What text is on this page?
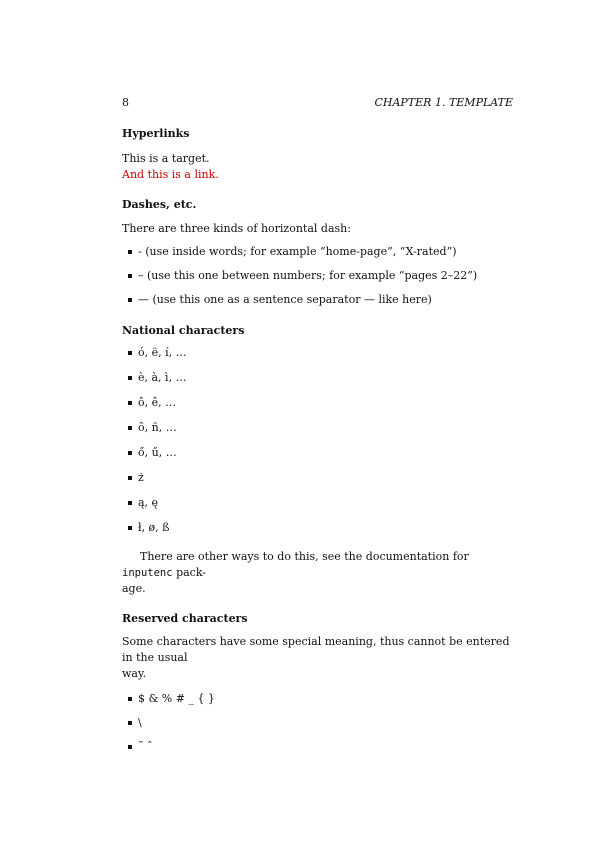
8	CHAPTER 1. TEMPLATE
Hyperlinks

This is a target.

And this is a link.

Dashes, etc.

There are three kinds of horizontal dash:

- (use inside words; for example “home-page”, “X-rated”)
– (use this one between numbers; for example “pages 2–22”)
— (use this one as a sentence separator — like here)
National characters
ó, ë, í, …
è, à, ì, …
ô, ê, …
õ, ñ, …
ő, ű, …
ż
ą, ę
ł, ø, ß

There are other ways to do this, see the documentation for inputenc pack-

age.

Reserved characters

Some characters have some special meaning, thus cannot be entered in the usual

way.

$ & % # _ { }
\
˜ ˆ
